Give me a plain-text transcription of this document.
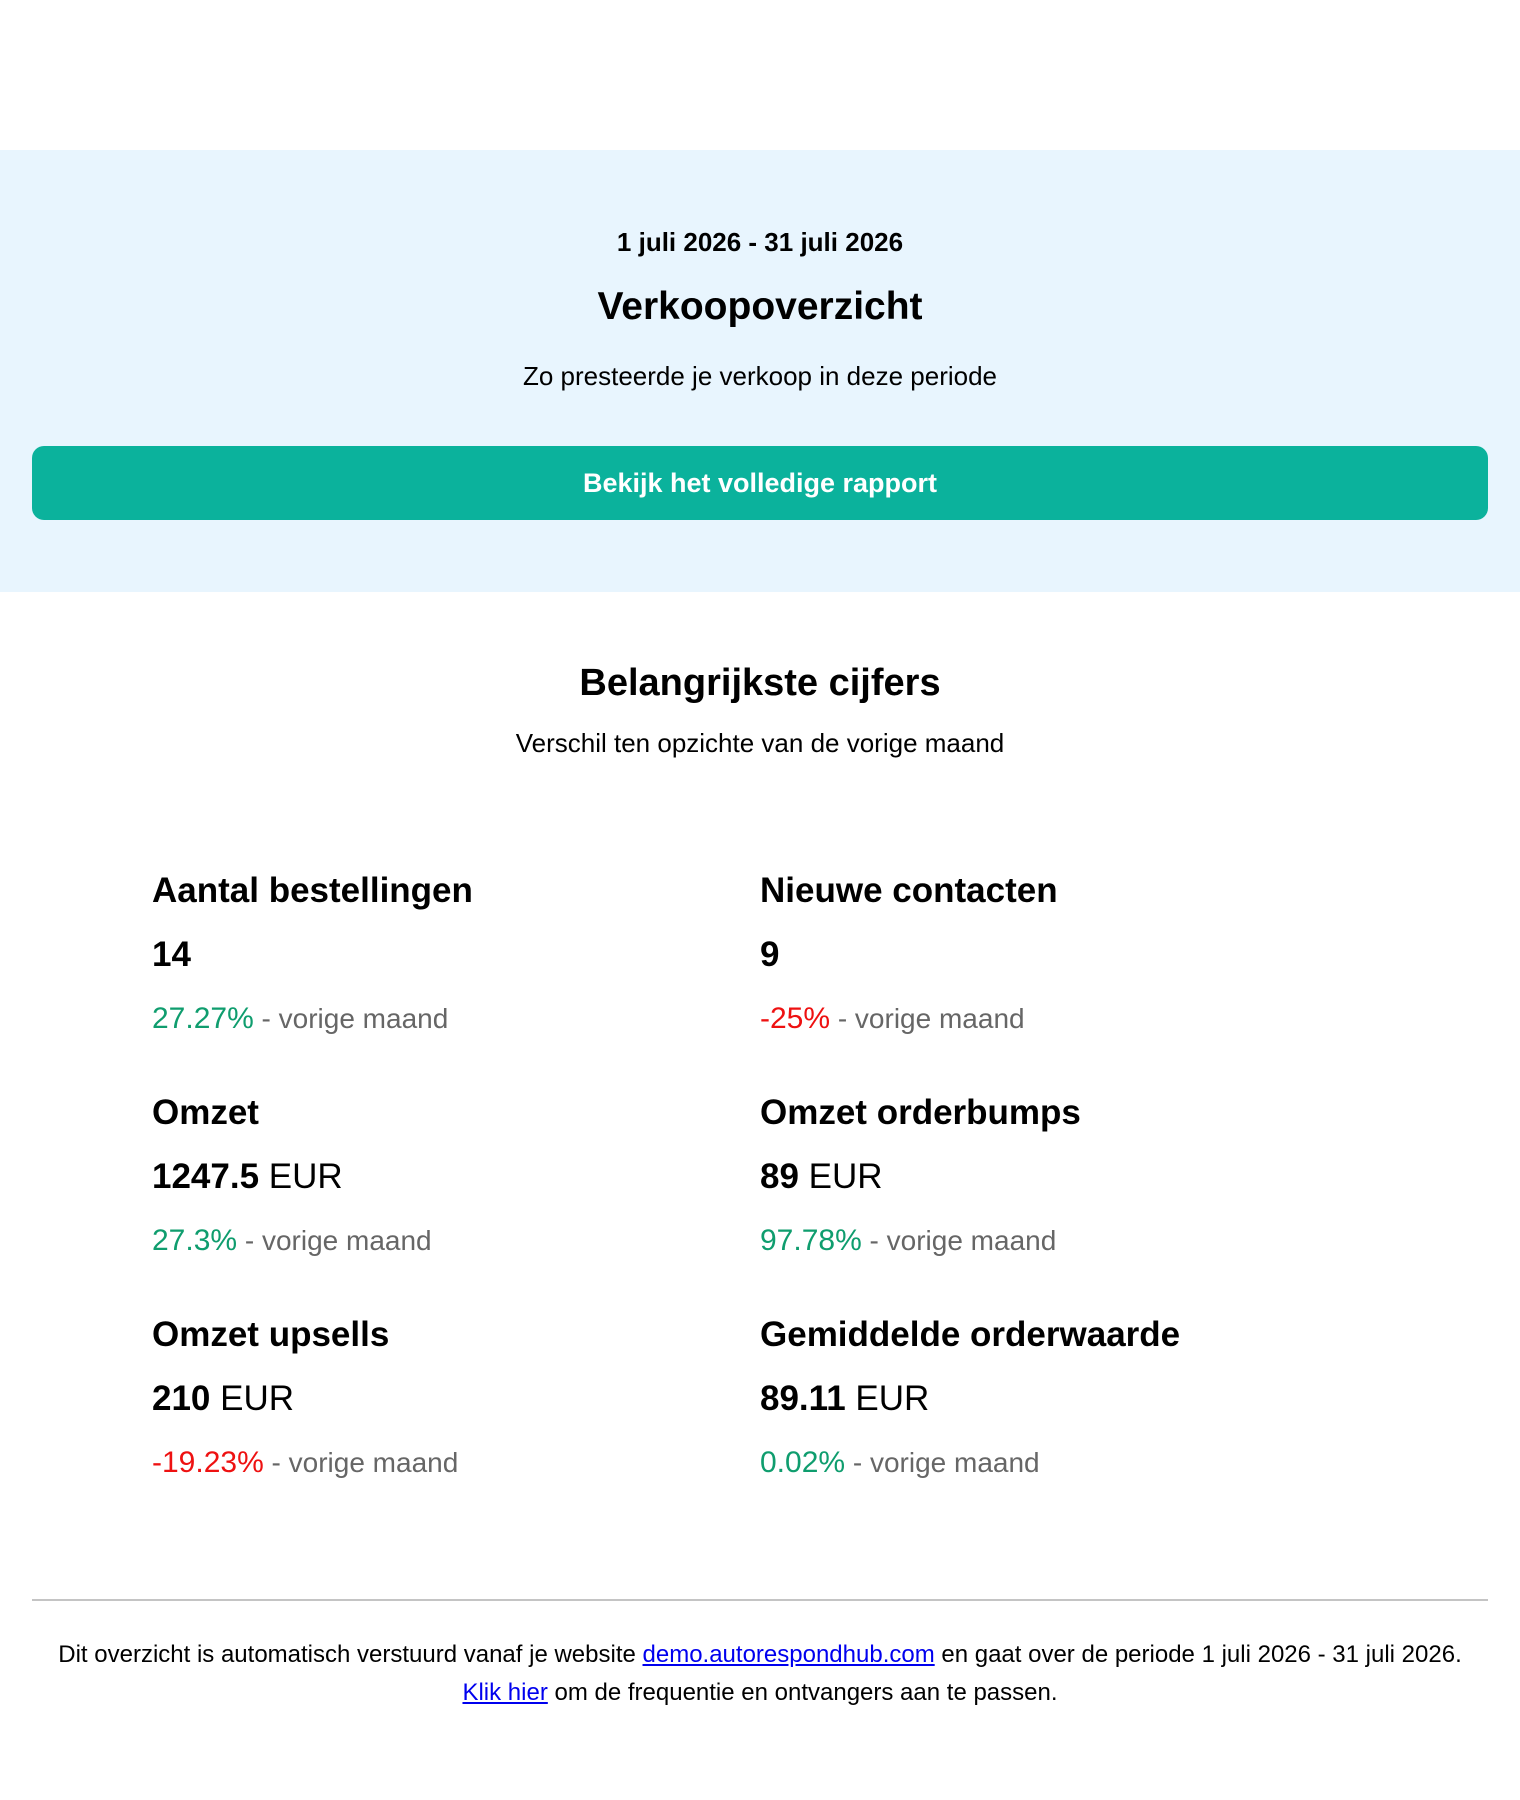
1 juli 2026 - 31 juli 2026
Verkoopoverzicht
Zo presteerde je verkoop in deze periode
Bekijk het volledige rapport
Belangrijkste cijfers
Verschil ten opzichte van de vorige maand
Aantal bestellingen
14
27.27% - vorige maand
Nieuwe contacten
9
-25% - vorige maand
Omzet
1247.5 EUR
27.3% - vorige maand
Omzet orderbumps
89 EUR
97.78% - vorige maand
Omzet upsells
210 EUR
-19.23% - vorige maand
Gemiddelde orderwaarde
89.11 EUR
0.02% - vorige maand
Dit overzicht is automatisch verstuurd vanaf je website demo.autorespondhub.com en gaat over de periode 1 juli 2026 - 31 juli 2026.
Klik hier om de frequentie en ontvangers aan te passen.
